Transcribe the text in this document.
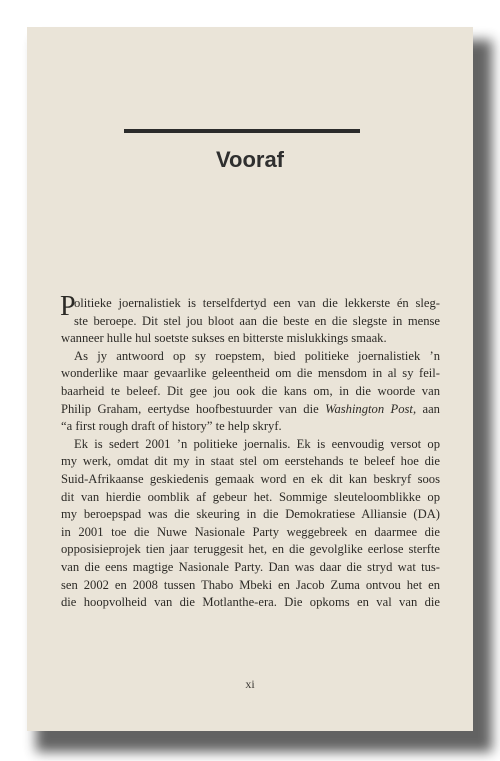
Vooraf
P
olitieke joernalistiek is terselfdertyd een van die lekkerste én sleg-
ste beroepe. Dit stel jou bloot aan die beste en die slegste in mense
wanneer hulle hul soetste sukses en bitterste mislukkings smaak.
As jy antwoord op sy roepstem, bied politieke joernalistiek ’n
wonderlike maar gevaarlike geleentheid om die mensdom in al sy feil-
baarheid te beleef. Dit gee jou ook die kans om, in die woorde van
Philip Graham, eertydse hoofbestuurder van die Washington Post, aan
“a first rough draft of history” te help skryf.
Ek is sedert 2001 ’n politieke joernalis. Ek is eenvoudig versot op
my werk, omdat dit my in staat stel om eerstehands te beleef hoe die
Suid-Afrikaanse geskiedenis gemaak word en ek dit kan beskryf soos
dit van hierdie oomblik af gebeur het. Sommige sleuteloomblikke op
my beroepspad was die skeuring in die Demokratiese Alliansie (DA)
in 2001 toe die Nuwe Nasionale Party weggebreek en daarmee die
opposisieprojek tien jaar teruggesit het, en die gevolglike eerlose sterfte
van die eens magtige Nasionale Party. Dan was daar die stryd wat tus-
sen 2002 en 2008 tussen Thabo Mbeki en Jacob Zuma ontvou het en
die hoopvolheid van die Motlanthe-era. Die opkoms en val van die
xi
